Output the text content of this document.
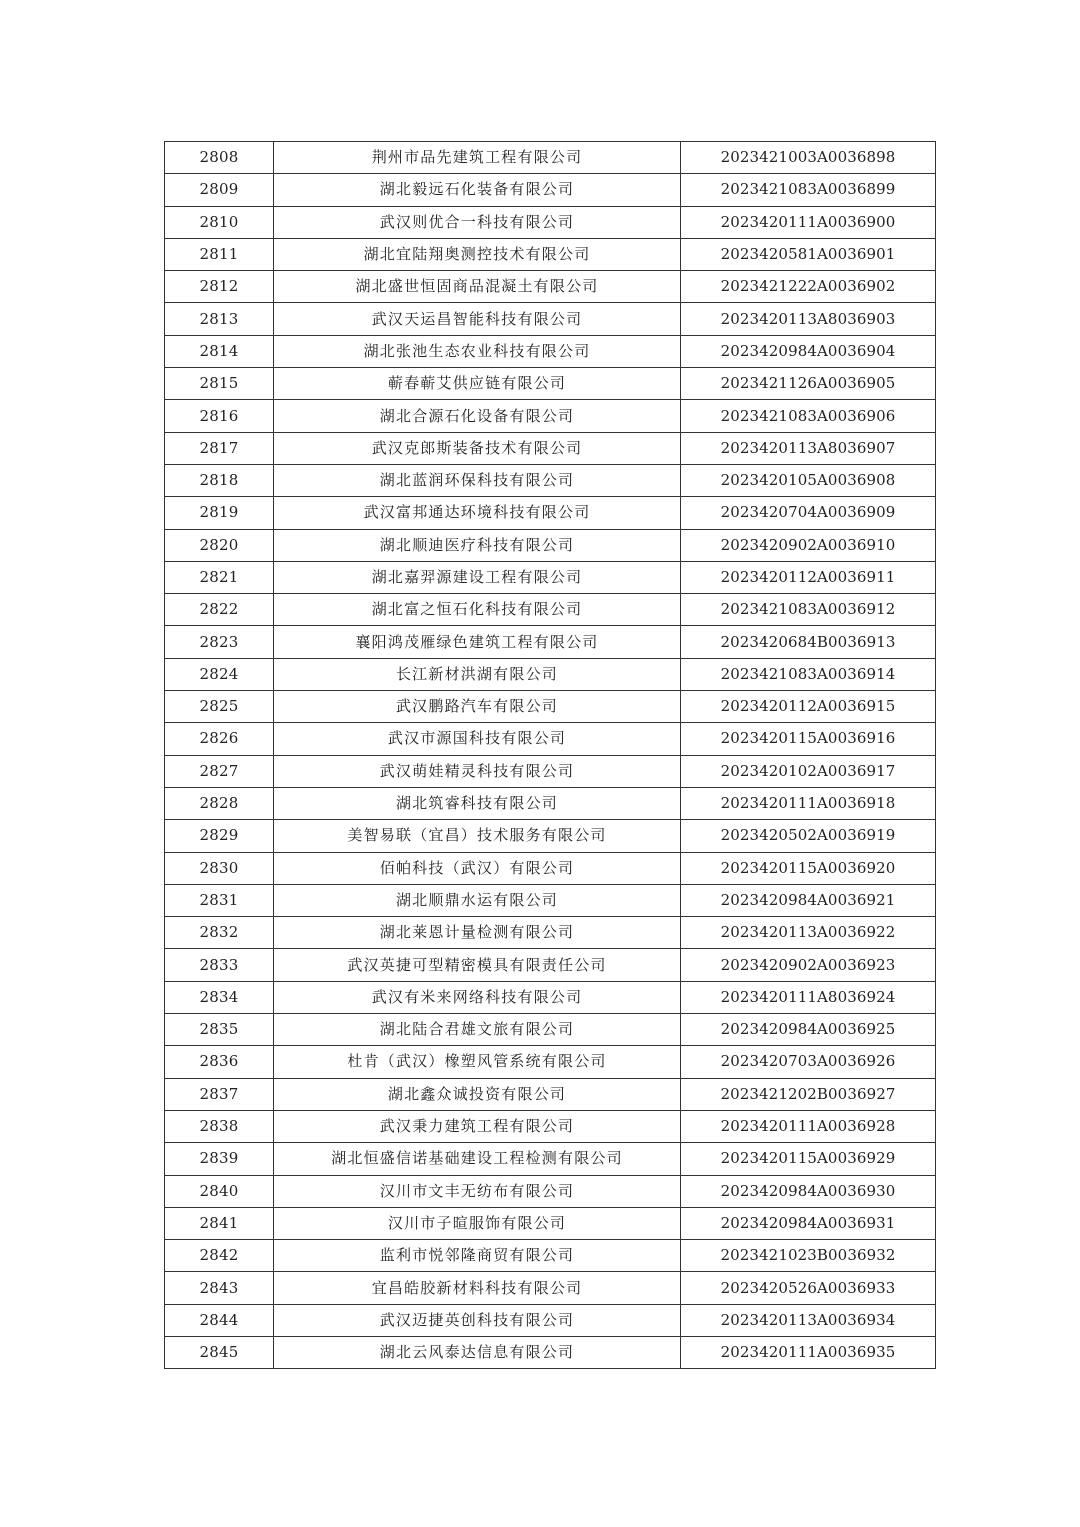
2808	荆州市品先建筑工程有限公司	2023421003A0036898
2809	湖北毅远石化装备有限公司	2023421083A0036899
2810	武汉则优合一科技有限公司	2023420111A0036900
2811	湖北宜陆翔奥测控技术有限公司	2023420581A0036901
2812	湖北盛世恒固商品混凝土有限公司	2023421222A0036902
2813	武汉天运昌智能科技有限公司	2023420113A8036903
2814	湖北张池生态农业科技有限公司	2023420984A0036904
2815	蕲春蕲艾供应链有限公司	2023421126A0036905
2816	湖北合源石化设备有限公司	2023421083A0036906
2817	武汉克郎斯装备技术有限公司	2023420113A8036907
2818	湖北蓝润环保科技有限公司	2023420105A0036908
2819	武汉富邦通达环境科技有限公司	2023420704A0036909
2820	湖北顺迪医疗科技有限公司	2023420902A0036910
2821	湖北嘉羿源建设工程有限公司	2023420112A0036911
2822	湖北富之恒石化科技有限公司	2023421083A0036912
2823	襄阳鸿茂雁绿色建筑工程有限公司	2023420684B0036913
2824	长江新材洪湖有限公司	2023421083A0036914
2825	武汉鹏路汽车有限公司	2023420112A0036915
2826	武汉市源国科技有限公司	2023420115A0036916
2827	武汉萌娃精灵科技有限公司	2023420102A0036917
2828	湖北筑睿科技有限公司	2023420111A0036918
2829	美智易联（宜昌）技术服务有限公司	2023420502A0036919
2830	佰帕科技（武汉）有限公司	2023420115A0036920
2831	湖北顺鼎水运有限公司	2023420984A0036921
2832	湖北莱恩计量检测有限公司	2023420113A0036922
2833	武汉英捷可型精密模具有限责任公司	2023420902A0036923
2834	武汉有米来网络科技有限公司	2023420111A8036924
2835	湖北陆合君雄文旅有限公司	2023420984A0036925
2836	杜肯（武汉）橡塑风管系统有限公司	2023420703A0036926
2837	湖北鑫众诚投资有限公司	2023421202B0036927
2838	武汉秉力建筑工程有限公司	2023420111A0036928
2839	湖北恒盛信诺基础建设工程检测有限公司	2023420115A0036929
2840	汉川市文丰无纺布有限公司	2023420984A0036930
2841	汉川市子暄服饰有限公司	2023420984A0036931
2842	监利市悦邻隆商贸有限公司	2023421023B0036932
2843	宜昌皓胶新材料科技有限公司	2023420526A0036933
2844	武汉迈捷英创科技有限公司	2023420113A0036934
2845	湖北云风泰达信息有限公司	2023420111A0036935
